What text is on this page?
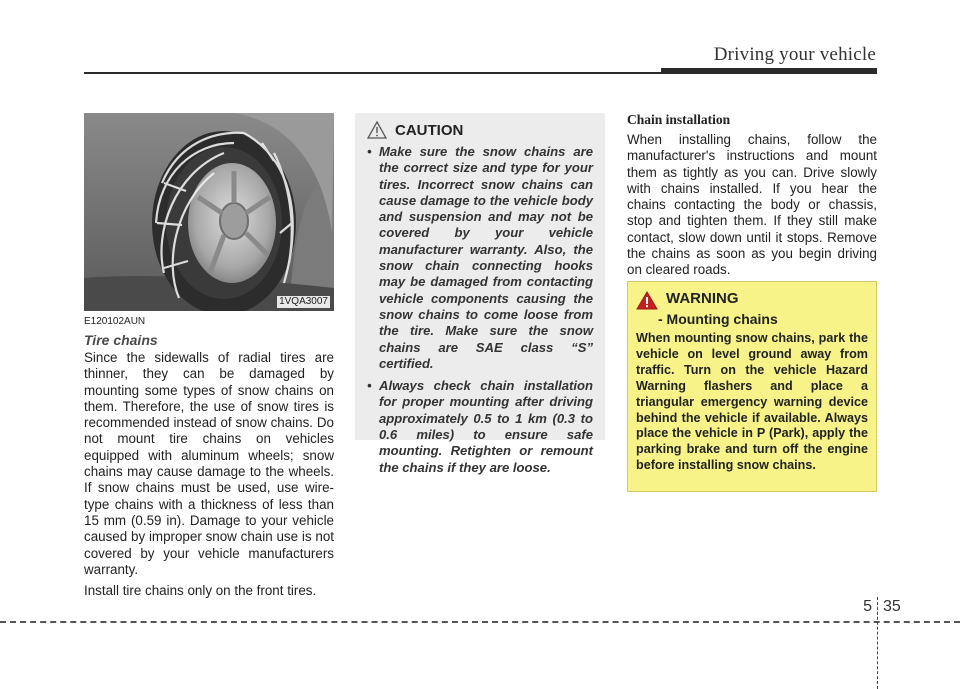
Driving your vehicle
1VQA3007

E120102AUN

Tire chains

Since the sidewalls of radial tires are thinner, they can be damaged by mounting some types of snow chains on them. Therefore, the use of snow tires is recommended instead of snow chains. Do not mount tire chains on vehicles equipped with aluminum wheels; snow chains may cause damage to the wheels. If snow chains must be used, use wire-type chains with a thickness of less than 15 mm (0.59 in). Damage to your vehicle caused by improper snow chain use is not covered by your vehicle manufacturers warranty.

Install tire chains only on the front tires.

CAUTION
• Make sure the snow chains are the correct size and type for your tires. Incorrect snow chains can cause damage to the vehicle body and suspension and may not be covered by your vehicle manufacturer warranty. Also, the snow chain connecting hooks may be damaged from contacting vehicle components causing the snow chains to come loose from the tire. Make sure the snow chains are SAE class “S” certified.
• Always check chain installation for proper mounting after driving approximately 0.5 to 1 km (0.3 to 0.6 miles) to ensure safe mounting. Retighten or remount the chains if they are loose.

Chain installation

When installing chains, follow the manufacturer's instructions and mount them as tightly as you can. Drive slowly with chains installed. If you hear the chains contacting the body or chassis, stop and tighten them. If they still make contact, slow down until it stops. Remove the chains as soon as you begin driving on cleared roads.

WARNING
- Mounting chains

When mounting snow chains, park the vehicle on level ground away from traffic. Turn on the vehicle Hazard Warning flashers and place a triangular emergency warning device behind the vehicle if available. Always place the vehicle in P (Park), apply the parking brake and turn off the engine before installing snow chains.

5 35
